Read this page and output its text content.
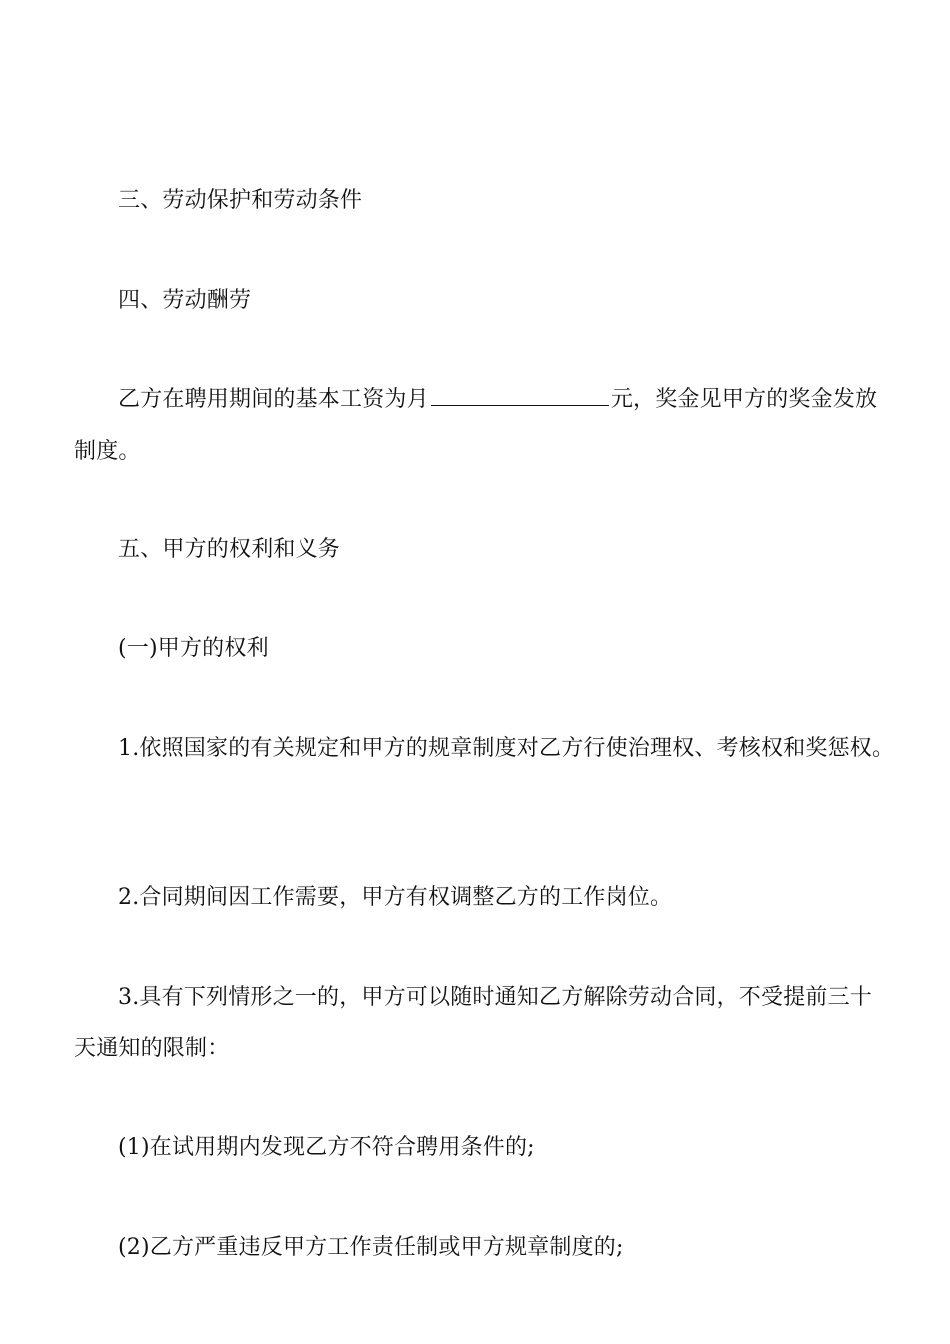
三、劳动保护和劳动条件

四、劳动酬劳

乙方在聘用期间的基本工资为月	元，奖金见甲方的奖金发放

制度。

五、甲方的权利和义务

(一)甲方的权利

1.依照国家的有关规定和甲方的规章制度对乙方行使治理权、考核权和奖惩权。

2.合同期间因工作需要，甲方有权调整乙方的工作岗位。

3.具有下列情形之一的，甲方可以随时通知乙方解除劳动合同，不受提前三十

天通知的限制：

(1)在试用期内发现乙方不符合聘用条件的;

(2)乙方严重违反甲方工作责任制或甲方规章制度的;
